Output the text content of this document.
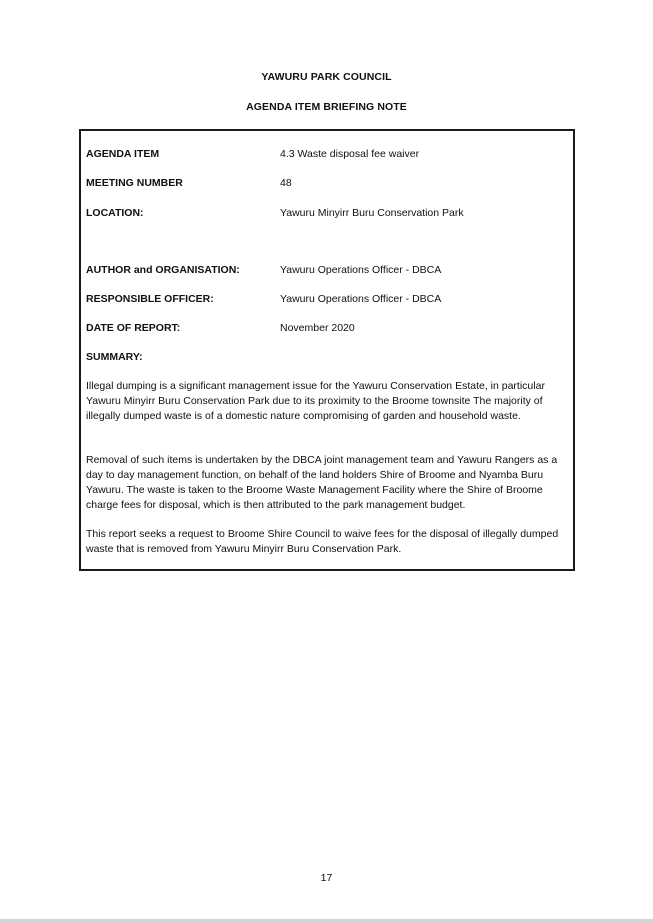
YAWURU PARK COUNCIL
AGENDA ITEM BRIEFING NOTE
AGENDA ITEM	4.3 Waste disposal fee waiver
MEETING NUMBER	48
LOCATION:	Yawuru Minyirr Buru Conservation Park
AUTHOR and ORGANISATION:	Yawuru Operations Officer - DBCA
RESPONSIBLE OFFICER:	Yawuru Operations Officer - DBCA
DATE OF REPORT:	November 2020
SUMMARY:
Illegal dumping is a significant management issue for the Yawuru Conservation Estate, in particular Yawuru Minyirr Buru Conservation Park due to its proximity to the Broome townsite The majority of illegally dumped waste is of a domestic nature compromising of garden and household waste.
Removal of such items is undertaken by the DBCA joint management team and Yawuru Rangers as a day to day management function, on behalf of the land holders Shire of Broome and Nyamba Buru Yawuru. The waste is taken to the Broome Waste Management Facility where the Shire of Broome charge fees for disposal, which is then attributed to the park management budget.
This report seeks a request to Broome Shire Council to waive fees for the disposal of illegally dumped waste that is removed from Yawuru Minyirr Buru Conservation Park.
17
